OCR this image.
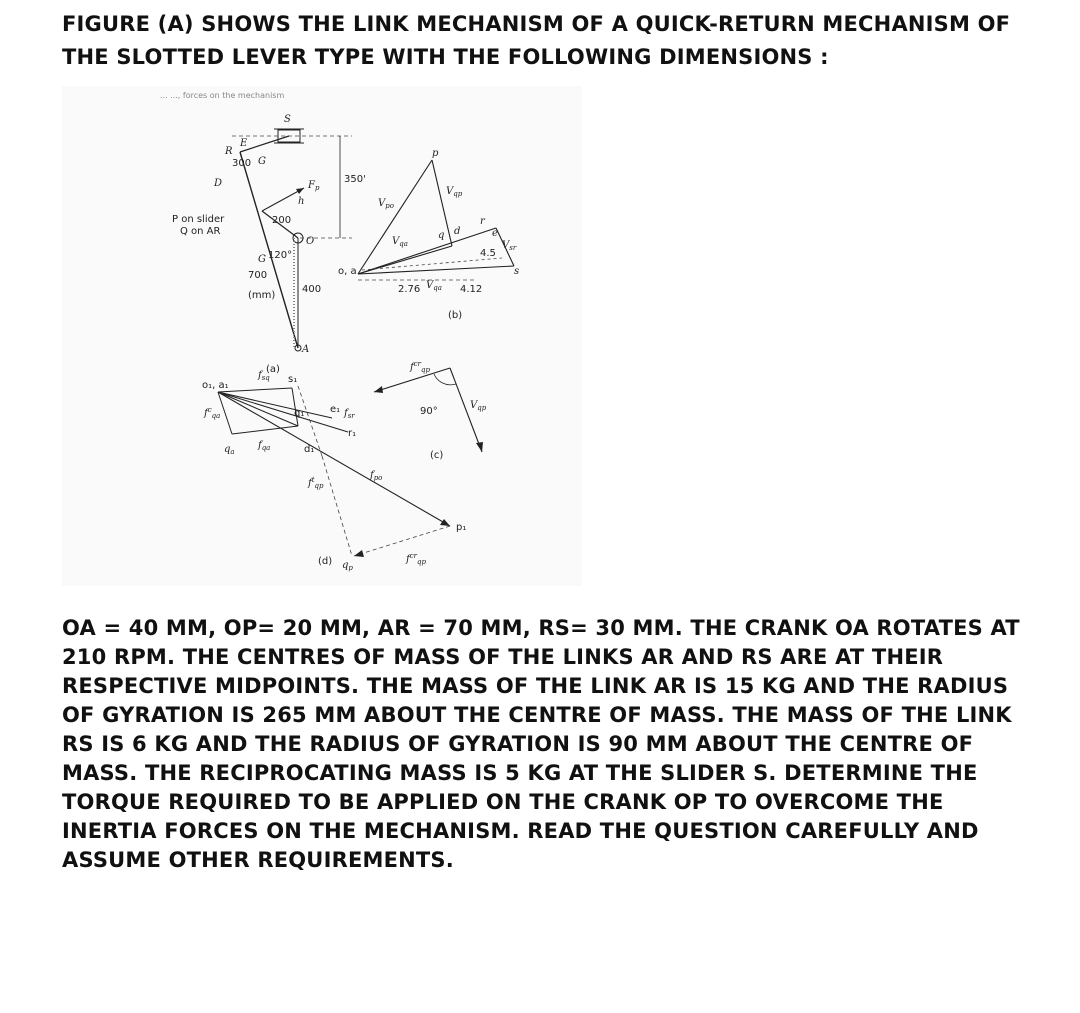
FIGURE (A) SHOWS THE LINK MECHANISM OF A QUICK-RETURN MECHANISM OF THE SLOTTED LEVER TYPE WITH THE FOLLOWING DIMENSIONS :
... ..., forces on the mechanism
S
R
E
300 G
D	$F_p$
350'
200
h
P on slider
Q on AR
G 120°
700
400
(mm)
O
A
(a)
o, a
p
$V_{po}$
$V_{qp}$
$V_{qa}$
q d
r
e
s
$V_{sr}$
4.5
2.76 $V_{qa}$ 4.12
(b)
$f^{cr}_{qp}$
90°
$V_{qp}$
(c)
o₁, a₁
$f_{sq}$ s₁
$f^c_{qa}$	q₁	e₁ $f_{sr}$
r₁
$q_a$
$f_{qa}$	d₁
$f^t_{qp}$
$f_{po}$
p₁
$q_p$
$f^{cr}_{qp}$
(d)

OA = 40 MM, OP= 20 MM, AR = 70 MM, RS= 30 MM. THE CRANK OA ROTATES AT 210 RPM. THE CENTRES OF MASS OF THE LINKS AR AND RS ARE AT THEIR RESPECTIVE MIDPOINTS. THE MASS OF THE LINK AR IS 15 KG AND THE RADIUS OF GYRATION IS 265 MM ABOUT THE CENTRE OF MASS. THE MASS OF THE LINK RS IS 6 KG AND THE RADIUS OF GYRATION IS 90 MM ABOUT THE CENTRE OF MASS. THE RECIPROCATING MASS IS 5 KG AT THE SLIDER S. DETERMINE THE TORQUE REQUIRED TO BE APPLIED ON THE CRANK OP TO OVERCOME THE INERTIA FORCES ON THE MECHANISM. READ THE QUESTION CAREFULLY AND ASSUME OTHER REQUIREMENTS.
